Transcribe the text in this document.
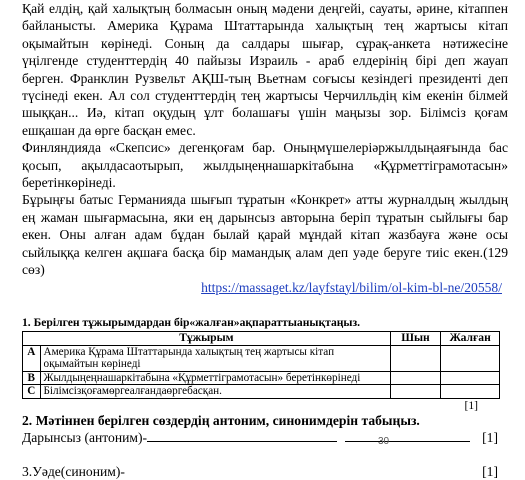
Қай елдің, қай халықтың болмасын оның мәдени деңгейі, сауаты, әрине, кітаппен
байланысты. Америка Құрама Штаттарында халықтың тең жартысы кітап
оқымайтын көрінеді. Соның да салдары шығар, сұрақ-анкета нәтижесіне
үңілгенде студенттердің 40 пайызы Израиль - араб елдерінің бірі деп жауап
берген. Франклин Рузвельт АҚШ-тың Вьетнам соғысы кезіндегі президенті деп
түсінеді екен. Ал сол студенттердің тең жартысы Черчилльдің кім екенін білмей
шыққан... Иә, кітап оқудың ұлт болашағы үшін маңызы зор. Білімсіз қоғам
ешқашан да өрге басқан емес.
Финляндияда «Скепсис» дегенқоғам бар. Оныңмүшелеріәржылдыңаяғында бас
қосып, ақылдасаотырып, жылдыңеңнашаркітабына «Құрметтіграмотасын»
беретінкөрінеді.
Бұрыңғы батыс Германияда шығып тұратын «Конкрет» атты журналдың жылдың
ең жаман шығармасына, яки ең дарынсыз авторына беріп тұратын сыйлығы бар
екен. Оны алған адам бұдан былай қарай мұндай кітап жазбауға және осы
сыйлыққа келген ақшаға басқа бір мамандық алам деп уәде беруге тиіс екен.(129
сөз)
https://massaget.kz/layfstayl/bilim/ol-kim-bl-ne/20558/
1. Берілген тұжырымдардан бір«жалған»ақпараттыанықтаңыз.
Тұжырым		Шын	Жалған
A	Америка Құрама Штаттарында халықтың тең жартысы кітап оқымайтын көрінеді		
B	Жылдыңеңнашаркітабына «Құрметтіграмотасын» беретінкөрінеді		
C	Білімсізқоғамөргеалғандаөргебасқан.		
[1]
2. Мәтіннен берілген сөздердің антоним, синонимдерін табыңыз.
Дарынсыз (антоним)-	[1]
3.Уәде(синоним)-	[1]
30
